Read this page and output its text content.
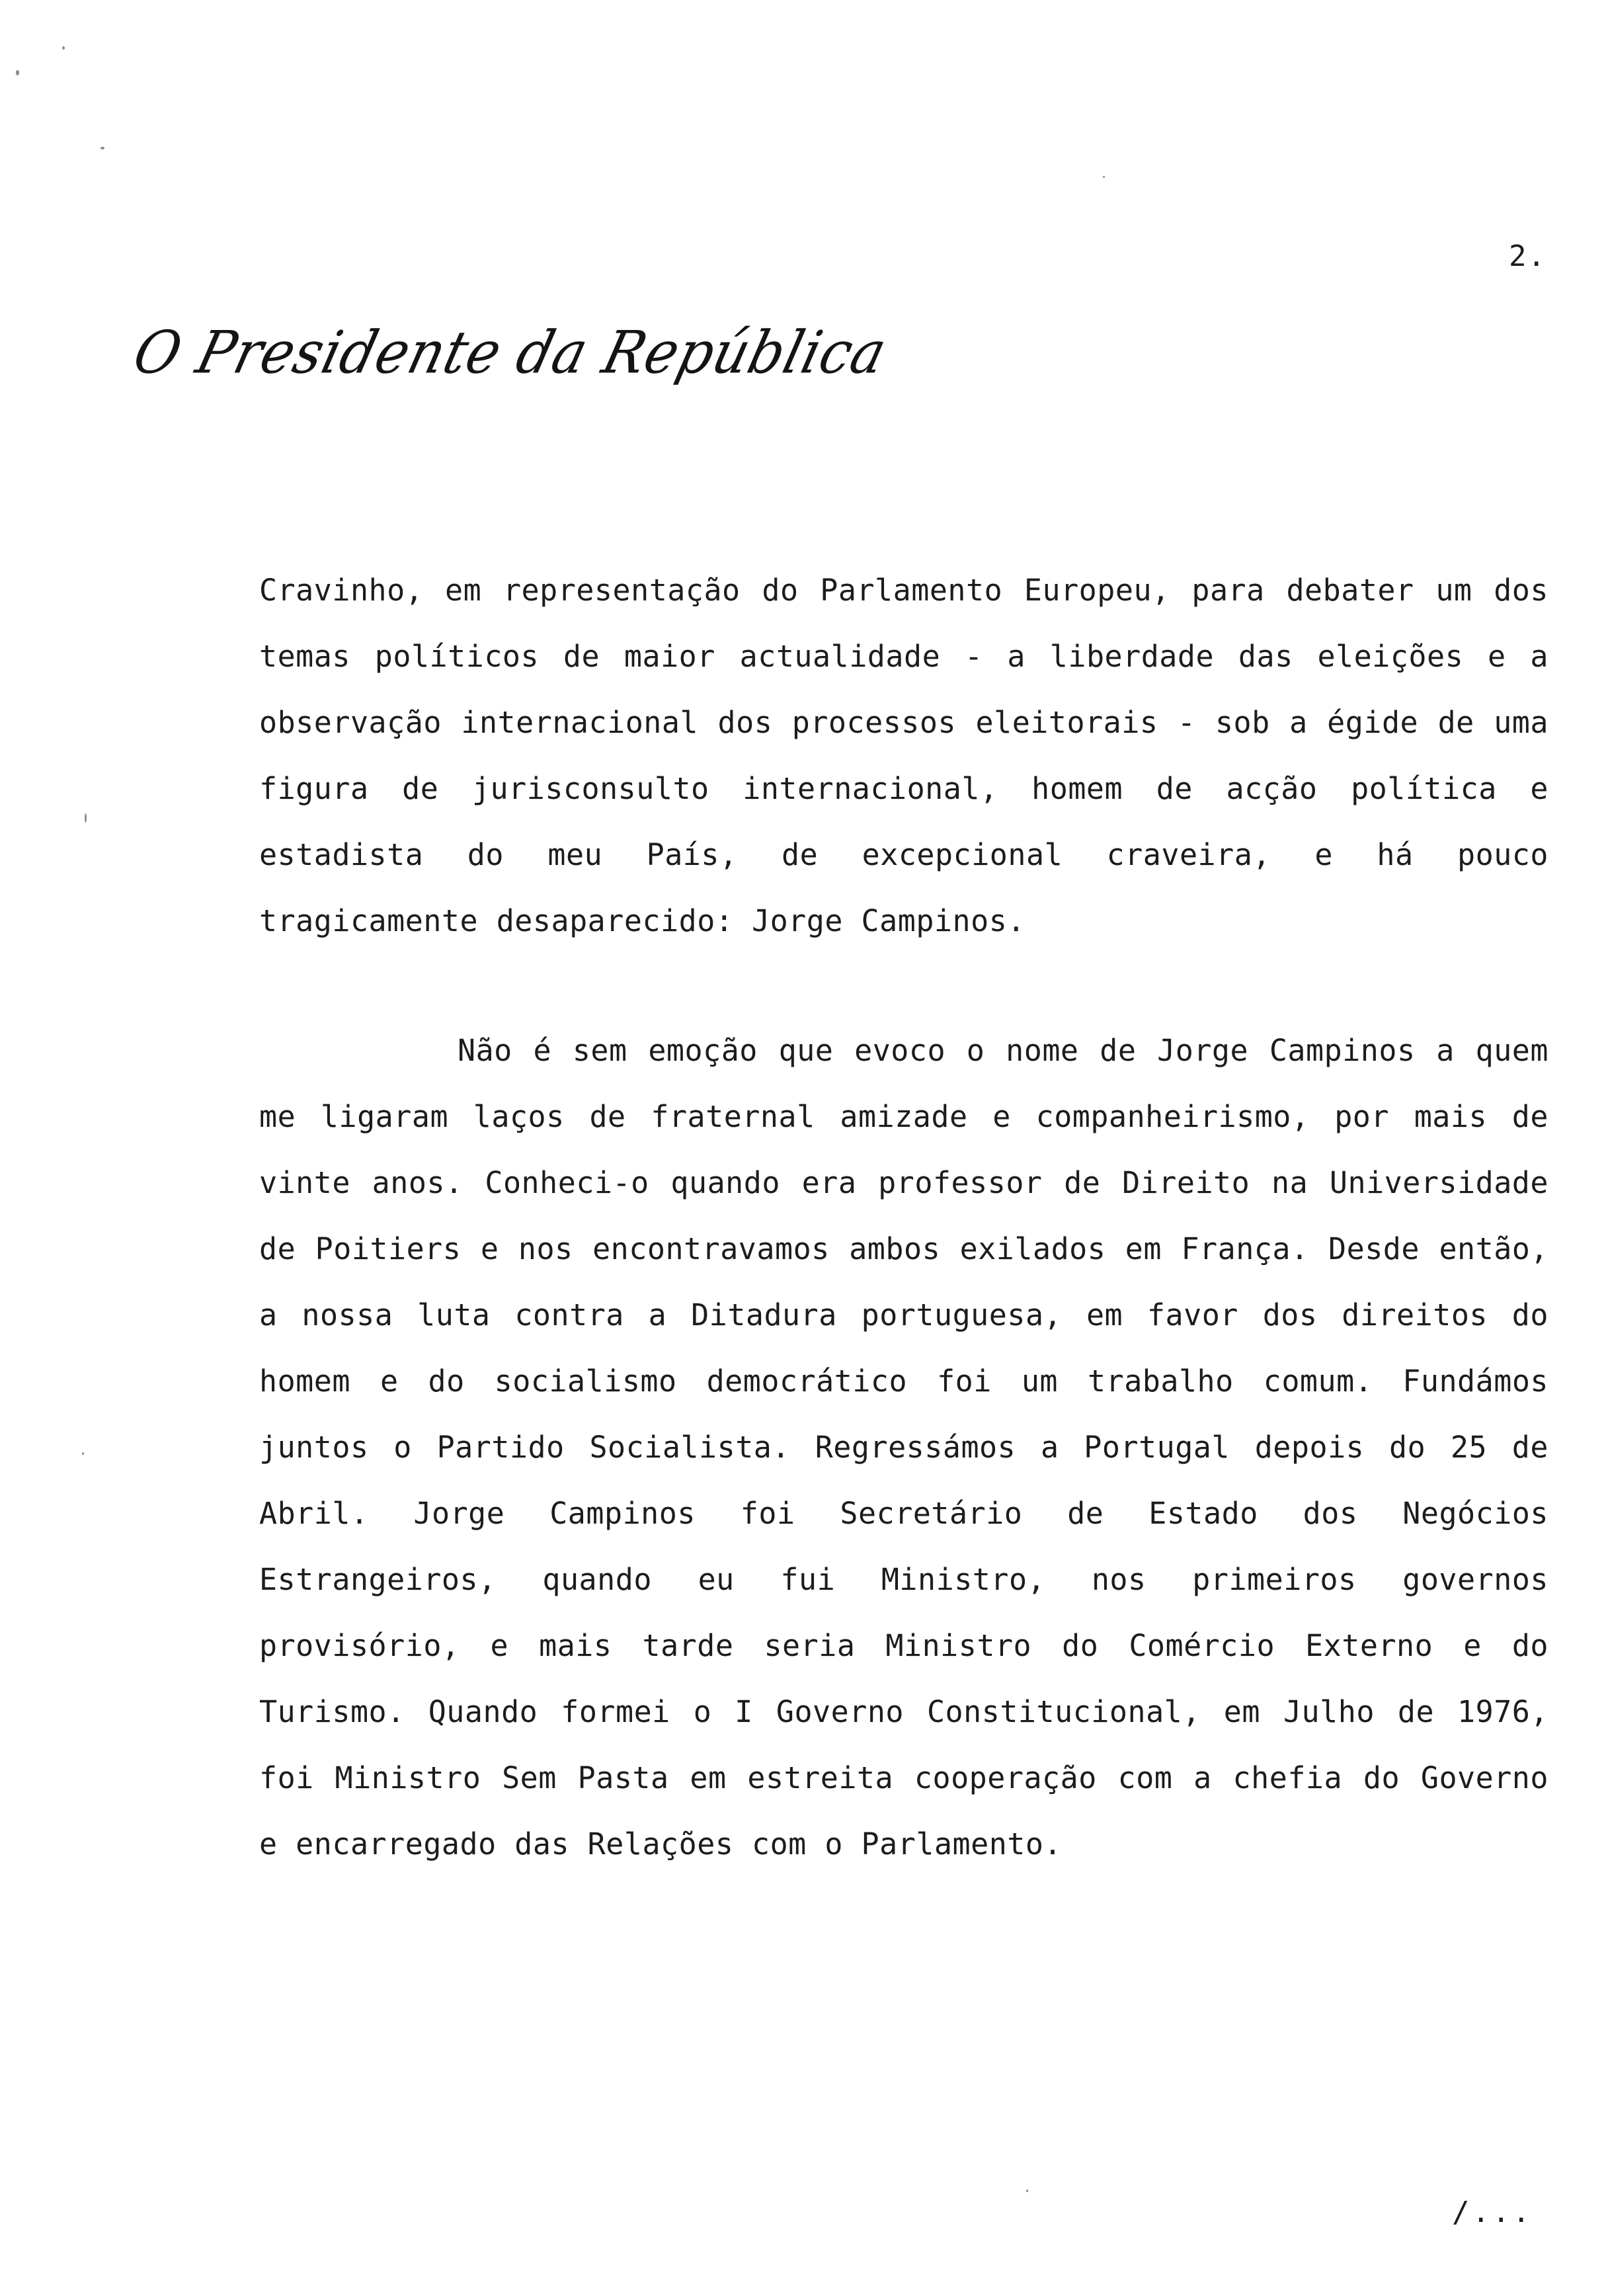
2.
O Presidente da República

Cravinho, em representação do Parlamento Europeu, para debater um dos temas políticos de maior actualidade - a liberdade das eleições e a observação internacional dos processos eleitorais - sob a égide de uma figura de jurisconsulto internacional, homem de acção política e estadista do meu País, de excepcional craveira, e há pouco tragicamente desaparecido: Jorge Campinos.

Não é sem emoção que evoco o nome de Jorge Campinos a quem me ligaram laços de fraternal amizade e companheirismo, por mais de vinte anos. Conheci-o quando era professor de Direito na Universidade de Poitiers e nos encontravamos ambos exilados em França. Desde então, a nossa luta contra a Ditadura portuguesa, em favor dos direitos do homem e do socialismo democrático foi um trabalho comum. Fundámos juntos o Partido Socialista. Regressámos a Portugal depois do 25 de Abril. Jorge Campinos foi Secretário de Estado dos Negócios Estrangeiros, quando eu fui Ministro, nos primeiros governos provisório, e mais tarde seria Ministro do Comércio Externo e do Turismo. Quando formei o I Governo Constitucional, em Julho de 1976, foi Ministro Sem Pasta em estreita cooperação com a chefia do Governo e encarregado das Relações com o Parlamento.

/...
